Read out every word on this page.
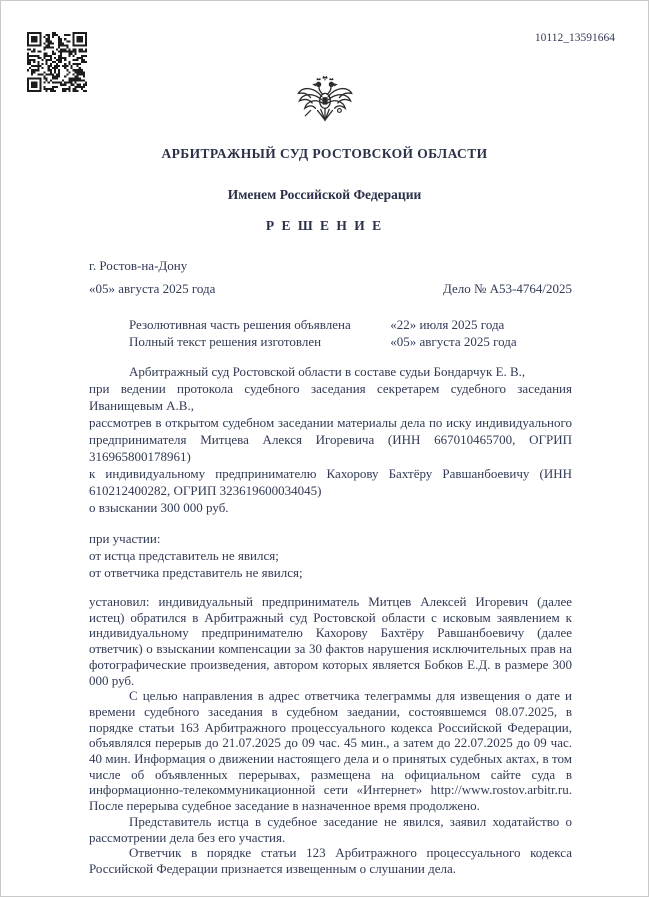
10112_13591664
АРБИТРАЖНЫЙ СУД РОСТОВСКОЙ ОБЛАСТИ
Именем Российской Федерации
Р Е Ш Е Н И Е
г. Ростов-на-Дону
«05» августа 2025 года	Дело № А53-4764/2025
Резолютивная часть решения объявлена	«22» июля 2025 года
Полный текст решения изготовлен	«05» августа 2025 года

Арбитражный суд Ростовской области в составе судьи Бондарчук Е. В.,

при ведении протокола судебного заседания секретарем судебного заседания Иванищевым А.В.,

рассмотрев в открытом судебном заседании материалы дела по иску индивидуального предпринимателя Митцева Алекся Игоревича (ИНН 667010465700, ОГРИП 316965800178961)

к индивидуальному предпринимателю Кахорову Бахтёру Равшанбоевичу (ИНН 610212400282, ОГРИП 323619600034045)

о взыскании 300 000 руб.

при участии:

от истца представитель не явился;

от ответчика представитель не явился;

установил: индивидуальный предприниматель Митцев Алексей Игоревич (далее истец) обратился в Арбитражный суд Ростовской области с исковым заявлением к индивидуальному предпринимателю Кахорову Бахтёру Равшанбоевичу (далее ответчик) о взыскании компенсации за 30 фактов нарушения исключительных прав на фотографические произведения, автором которых является Бобков Е.Д. в размере 300 000 руб.

С целью направления в адрес ответчика телеграммы для извещения о дате и времени судебного заседания в судебном заедании, состоявшемся 08.07.2025, в порядке статьи 163 Арбитражного процессуального кодекса Российской Федерации, объявлялся перерыв до 21.07.2025 до 09 час. 45 мин., а затем до 22.07.2025 до 09 час. 40 мин. Информация о движении настоящего дела и о принятых судебных актах, в том числе об объявленных перерывах, размещена на официальном сайте суда в информационно-телекоммуникационной сети «Интернет» http://www.rostov.arbitr.ru. После перерыва судебное заседание в назначенное время продолжено.

Представитель истца в судебное заседание не явился, заявил ходатайство о рассмотрении дела без его участия.

Ответчик в порядке статьи 123 Арбитражного процессуального кодекса Российской Федерации признается извещенным о слушании дела.
